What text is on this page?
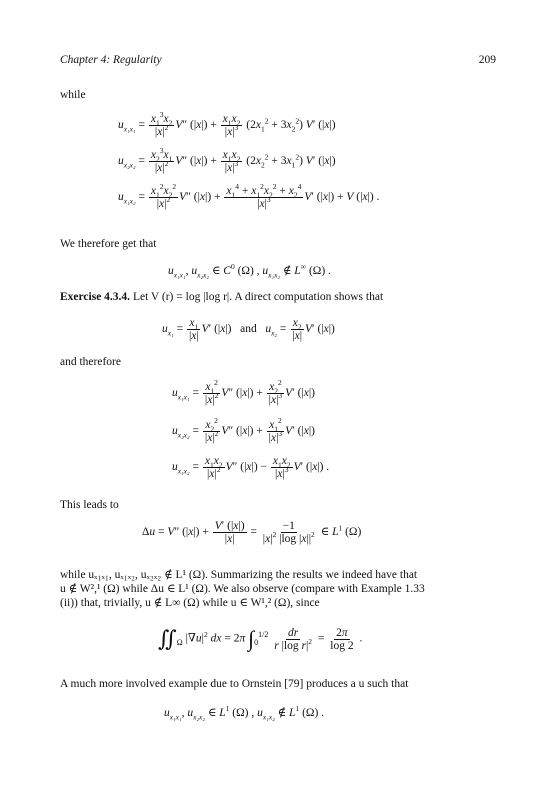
Chapter 4: Regularity	209
while
$u_{x_1x_1} = \frac{x_1^3x_2}{|x|^2} V''$ $(|x|) + \frac{x_1x_2}{|x|^3} (2x_1^2 + 3x_2^2)$ V′ (|x|)
$u_{x_2x_2} = \frac{x_2^3x_1}{|x|^2} V''$ $(|x|) + \frac{x_1x_2}{|x|^3} (2x_2^2 + 3x_1^2)$ V′ (|x|)
$u_{x_1x_2} = \frac{x_1^2x_2^2}{|x|^2} V''$ $(|x|) + \frac{x_1^4 + x_1^2x_2^2 + x_2^4}{|x|^3} V'$ (|x|) + V (|x|) .
We therefore get that
$u_{x_1x_1}$, $u_{x_2x_2}$ ∈ $C^0$ (Ω) , $u_{x_1x_2}$ ∉ L∞ (Ω) .
Exercise 4.3.4. Let V (r) = log |log r|. A direct computation shows that
$u_{x_1} = \frac{x_1}{|x|} V'$ (|x|)   and $u_{x_2} = \frac{x_2}{|x|} V'$ (|x|)
and therefore
$u_{x_1x_1} = \frac{x_1^2}{|x|^2} V''$ $(|x|) + \frac{x_2^2}{|x|^3} V'$ (|x|)
$u_{x_2x_2} = \frac{x_2^2}{|x|^2} V''$ $(|x|) + \frac{x_1^2}{|x|^3} V'$ (|x|)
$u_{x_1x_2} = \frac{x_1x_2}{|x|^2} V''$ $(|x|) - \frac{x_1x_2}{|x|^3} V'$ (|x|) .
This leads to
Δu = V″ $(|x|) + \frac{V' (|x|)}{|x|} = \frac{-1}{|x|^2 |\log |x||^2}$ ∈ $L^1$ (Ω)
while uₓ₁ₓ₁, uₓ₁ₓ₂, uₓ₂ₓ₂ ∉ L¹ (Ω). Summarizing the results we indeed have that
u ∉ W²,¹ (Ω) while Δu ∈ L¹ (Ω). We also observe (compare with Example 1.33
(ii)) that, trivially, u ∉ L∞ (Ω) while u ∈ W¹,² (Ω), since
$∬_\Omega$ $|\nabla u|^2$ dx = 2π $\int_0^{1/2} \frac{dr}{r |\log r|^2} = \frac{2\pi}{\log 2}$ .
A much more involved example due to Ornstein [79] produces a u such that
$u_{x_1x_1}$, $u_{x_2x_2}$ ∈ $L^1$ (Ω) , $u_{x_1x_2}$ ∉ $L^1$ (Ω) .
